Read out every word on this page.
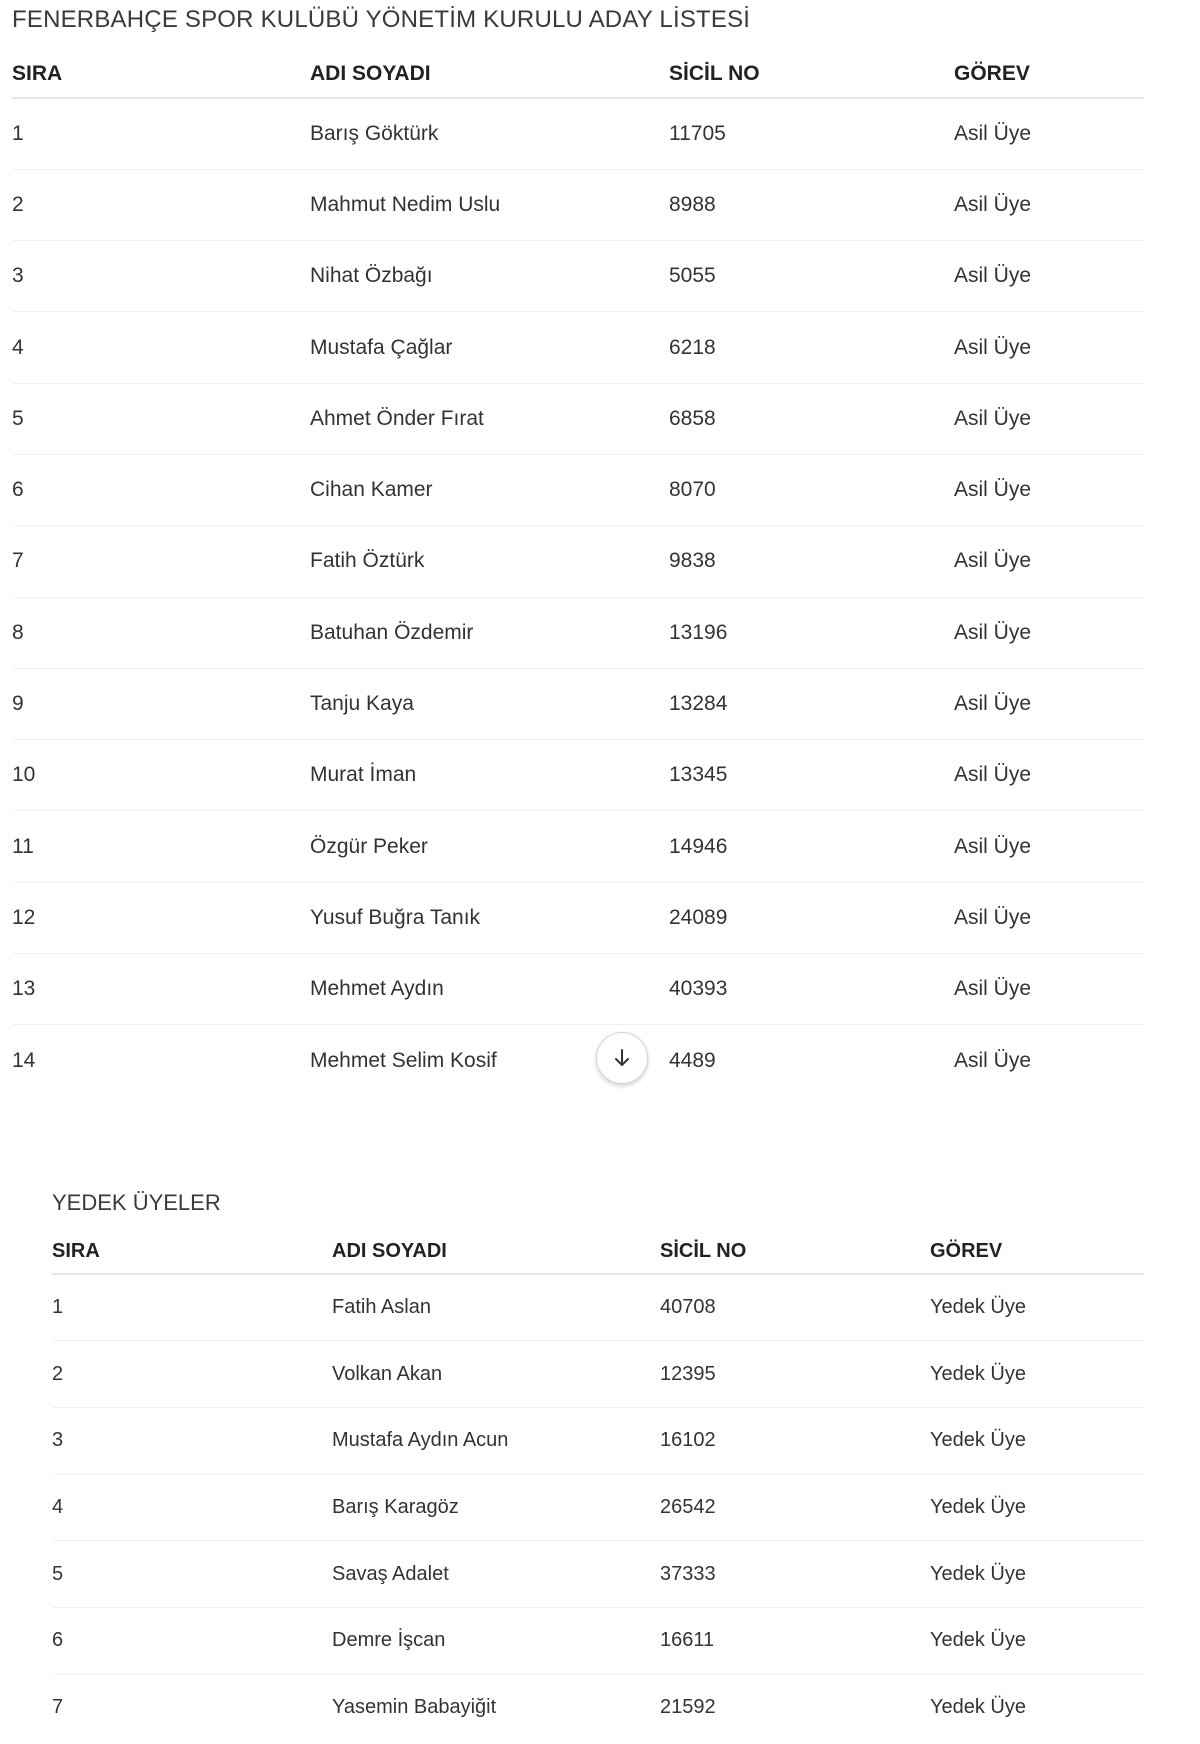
FENERBAHÇE SPOR KULÜBÜ YÖNETİM KURULU ADAY LİSTESİ
SIRA	ADI SOYADI	SİCİL NO	GÖREV
1	Barış Göktürk	11705	Asil Üye
2	Mahmut Nedim Uslu	8988	Asil Üye
3	Nihat Özbağı	5055	Asil Üye
4	Mustafa Çağlar	6218	Asil Üye
5	Ahmet Önder Fırat	6858	Asil Üye
6	Cihan Kamer	8070	Asil Üye
7	Fatih Öztürk	9838	Asil Üye
8	Batuhan Özdemir	13196	Asil Üye
9	Tanju Kaya	13284	Asil Üye
10	Murat İman	13345	Asil Üye
11	Özgür Peker	14946	Asil Üye
12	Yusuf Buğra Tanık	24089	Asil Üye
13	Mehmet Aydın	40393	Asil Üye
14	Mehmet Selim Kosif	4489	Asil Üye
YEDEK ÜYELER
SIRA	ADI SOYADI	SİCİL NO	GÖREV
1	Fatih Aslan	40708	Yedek Üye
2	Volkan Akan	12395	Yedek Üye
3	Mustafa Aydın Acun	16102	Yedek Üye
4	Barış Karagöz	26542	Yedek Üye
5	Savaş Adalet	37333	Yedek Üye
6	Demre İşcan	16611	Yedek Üye
7	Yasemin Babayiğit	21592	Yedek Üye
